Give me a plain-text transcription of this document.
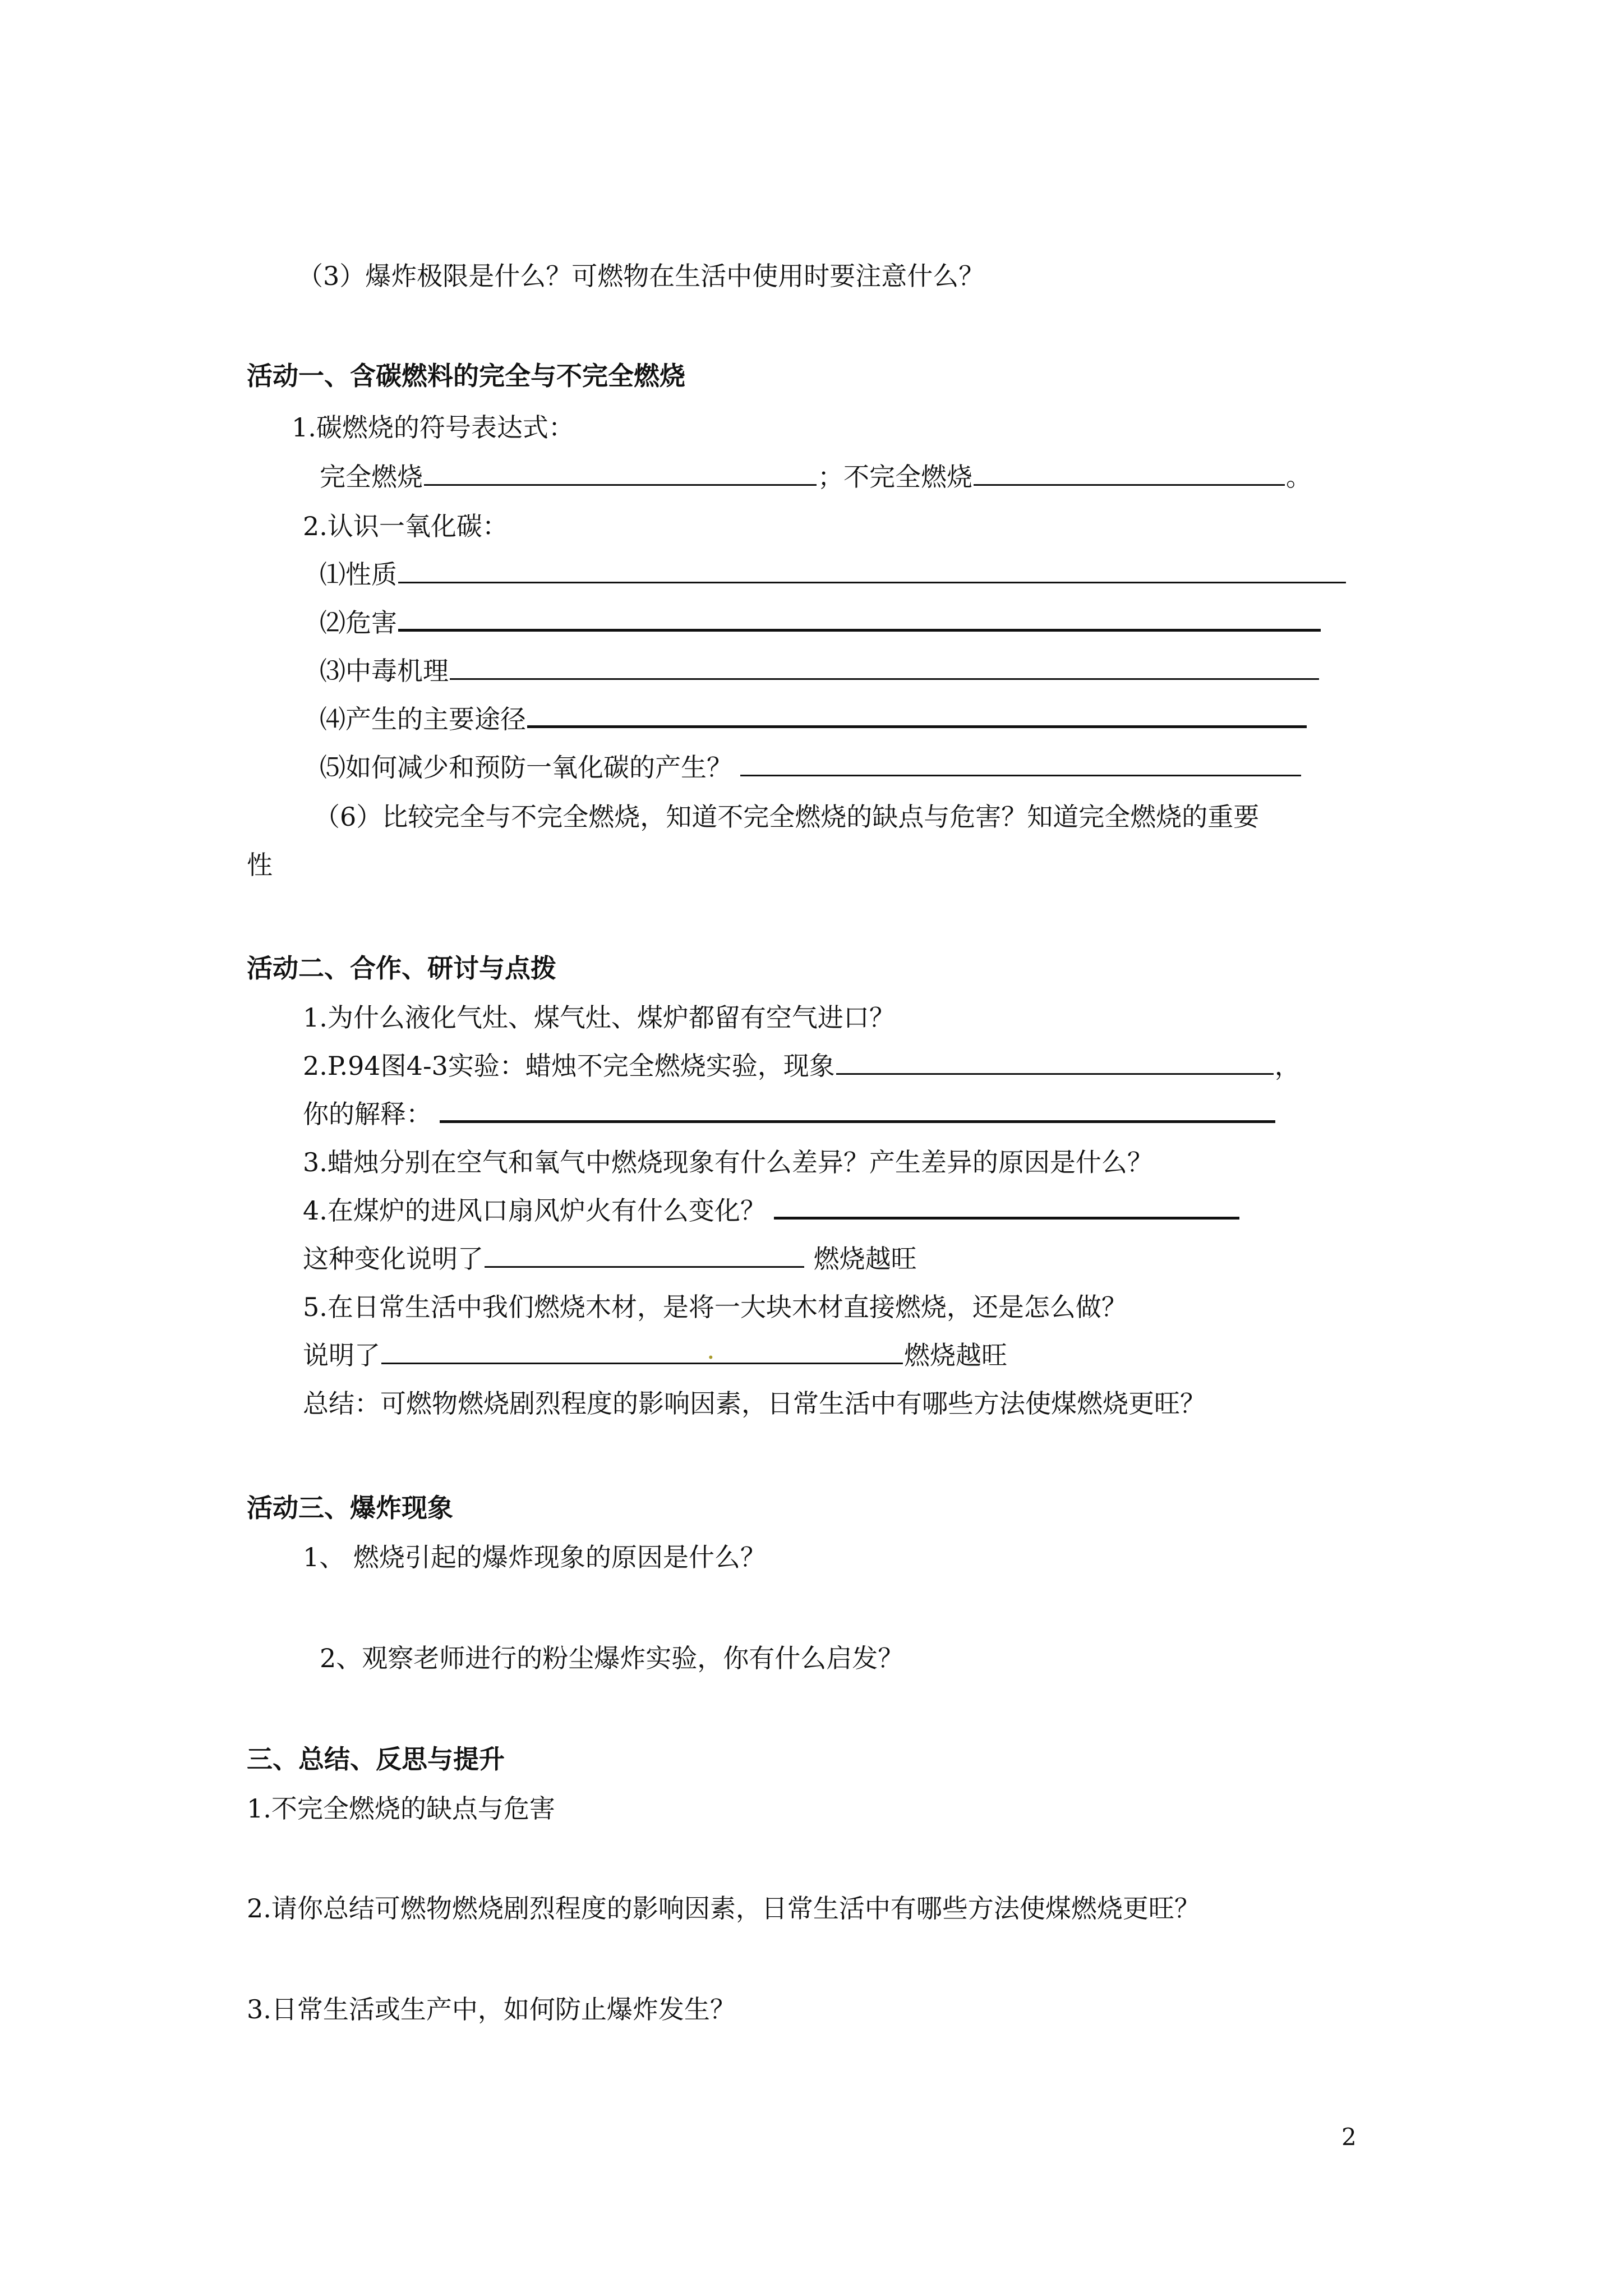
（3）爆炸极限是什么？可燃物在生活中使用时要注意什么？
活动一、含碳燃料的完全与不完全燃烧
1.碳燃烧的符号表达式：
完全燃烧	；不完全燃烧	。
2.认识一氧化碳：
⑴性质
⑵危害
⑶中毒机理
⑷产生的主要途径
⑸如何减少和预防一氧化碳的产生？
（6）比较完全与不完全燃烧，知道不完全燃烧的缺点与危害？知道完全燃烧的重要
性
活动二、合作、研讨与点拨
1.为什么液化气灶、煤气灶、煤炉都留有空气进口？
2.P.94图4-3实验：蜡烛不完全燃烧实验，现象	，
你的解释：
3.蜡烛分别在空气和氧气中燃烧现象有什么差异？产生差异的原因是什么？
4.在煤炉的进风口扇风炉火有什么变化？
这种变化说明了	燃烧越旺
5.在日常生活中我们燃烧木材，是将一大块木材直接燃烧，还是怎么做？
说明了	.	燃烧越旺
总结：可燃物燃烧剧烈程度的影响因素，日常生活中有哪些方法使煤燃烧更旺？
活动三、爆炸现象
1、 燃烧引起的爆炸现象的原因是什么？
2、观察老师进行的粉尘爆炸实验，你有什么启发？
三、总结、反思与提升
1.不完全燃烧的缺点与危害
2.请你总结可燃物燃烧剧烈程度的影响因素，日常生活中有哪些方法使煤燃烧更旺？
3.日常生活或生产中，如何防止爆炸发生？
2
